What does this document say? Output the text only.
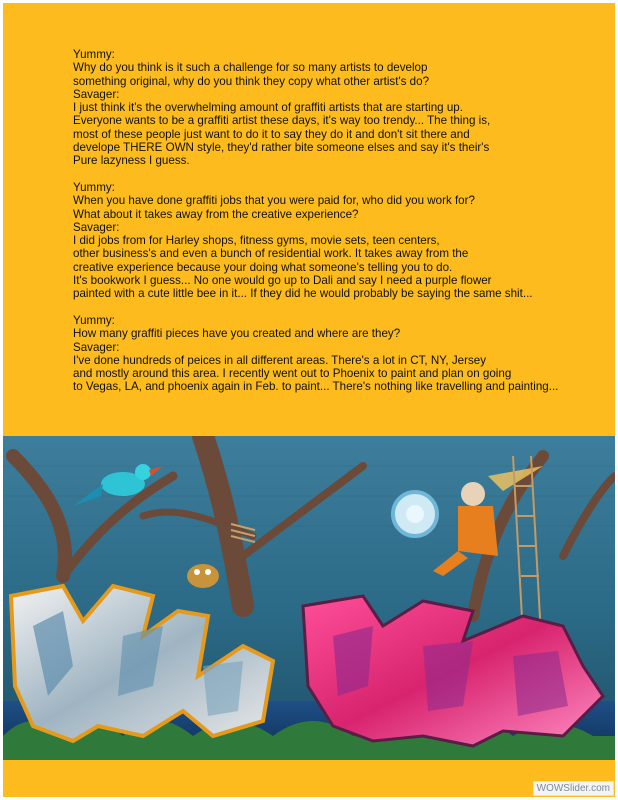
Yummy:

Why do you think is it such a challenge for so many artists to develop

something original, why do you think they copy what other artist's do?

Savager:

I just think it's the overwhelming amount of graffiti artists that are starting up.

Everyone wants to be a graffiti artist these days, it's way too trendy... The thing is,

most of these people just want to do it to say they do it and don't sit there and

develope THERE OWN style, they'd rather bite someone elses and say it's their's

Pure lazyness I guess.

Yummy:

When you have done graffiti jobs that you were paid for, who did you work for?

What about it takes away from the creative experience?

Savager:

I did jobs from for Harley shops, fitness gyms, movie sets, teen centers,

other business's and even a bunch of residential work. It takes away from the

creative experience because your doing what someone's telling you to do.

It's bookwork I guess... No one would go up to Dali and say I need a purple flower

painted with a cute little bee in it... If they did he would probably be saying the same shit...

Yummy:

How many graffiti pieces have you created and where are they?

Savager:

I've done hundreds of peices in all different areas. There's a lot in CT, NY, Jersey

and mostly around this area. I recently went out to Phoenix to paint and plan on going

to Vegas, LA, and phoenix again in Feb. to paint... There's nothing like travelling and painting...

WOWSlider.com
